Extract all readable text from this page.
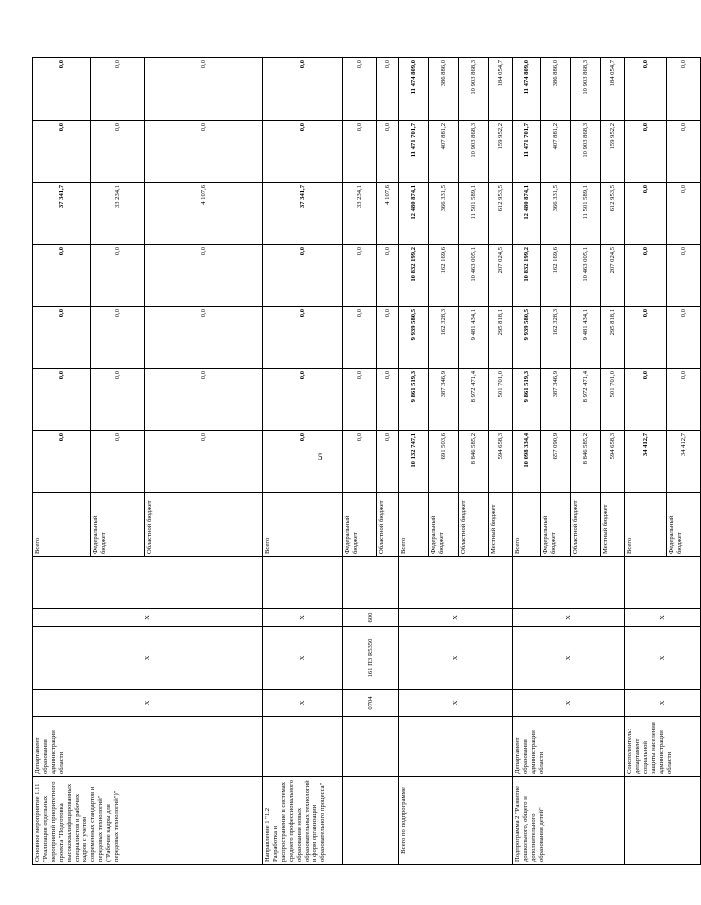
5
Основное мероприятие 1.11 "Реализация отдельных мероприятий приоритетного проекта "Подготовка высококвалифицированных специалистов и рабочих кадров с учетом современных стандартов и передовых технологий" ("Рабочие кадры для передовых технологий")"	Департамент образования администрации области	X	X	X		Всего	0,0	0,0	0,0	0,0	37 341,7	0,0	0,0	
						Федеральный бюджет	0,0	0,0	0,0	0,0	33 234,1	0,0	0,0	
						Областной бюджет	0,0	0,0	0,0	0,0	4 107,6	0,0	0,0	
Направление 1 "1.2 Разработка и распространение в системах среднего профессионального образования новых образовательных технологий и форм организации образовательного процесса"		X	X	X		Всего	0,0	0,0	0,0	0,0	37 341,7	0,0	0,0	
		0704	161 П3 R5350	600		Федеральный бюджет	0,0	0,0	0,0	0,0	33 234,1	0,0	0,0	
						Областной бюджет	0,0	0,0	0,0	0,0	4 107,6	0,0	0,0	
Всего по подпрограмме		X	X	X		Всего	10 132 747,1	9 861 519,3	9 939 580,5	10 832 199,2	12 480 874,1	11 471 701,7	11 474 809,0	
						Федеральный бюджет	691 503,6	387 346,9	162 328,3	162 169,6	366 331,5	407 881,2	386 886,0	
						Областной бюджет	8 846 585,2	8 972 471,4	9 481 434,1	10 463 005,1	11 501 589,1	10 903 868,3	10 903 868,3	
						Местный бюджет	594 658,3	501 701,0	295 818,1	207 024,5	612 953,5	159 952,2	184 054,7	
Подпрограмма 2 "Развитие дошкольного, общего и дополнительного образования детей"	Департамент образования администрации области	X	X	X		Всего	10 098 334,4	9 861 519,3	9 939 580,5	10 832 199,2	12 480 874,1	11 471 701,7	11 474 809,0	
						Федеральный бюджет	657 090,9	387 346,9	162 328,3	162 169,6	366 331,5	407 881,2	386 886,0	
						Областной бюджет	8 846 585,2	8 972 471,4	9 481 434,1	10 463 005,1	11 501 589,1	10 903 868,3	10 903 868,3	
						Местный бюджет	594 658,3	501 701,0	295 818,1	207 024,5	612 953,5	159 952,2	184 054,7	
	Соисполнитель: департамент социальной защиты населения администрации области	X	X	X		Всего	34 412,7	0,0	0,0	0,0	0,0	0,0	0,0	
						Федеральный бюджет	34 412,7	0,0	0,0	0,0	0,0	0,0	0,0	
